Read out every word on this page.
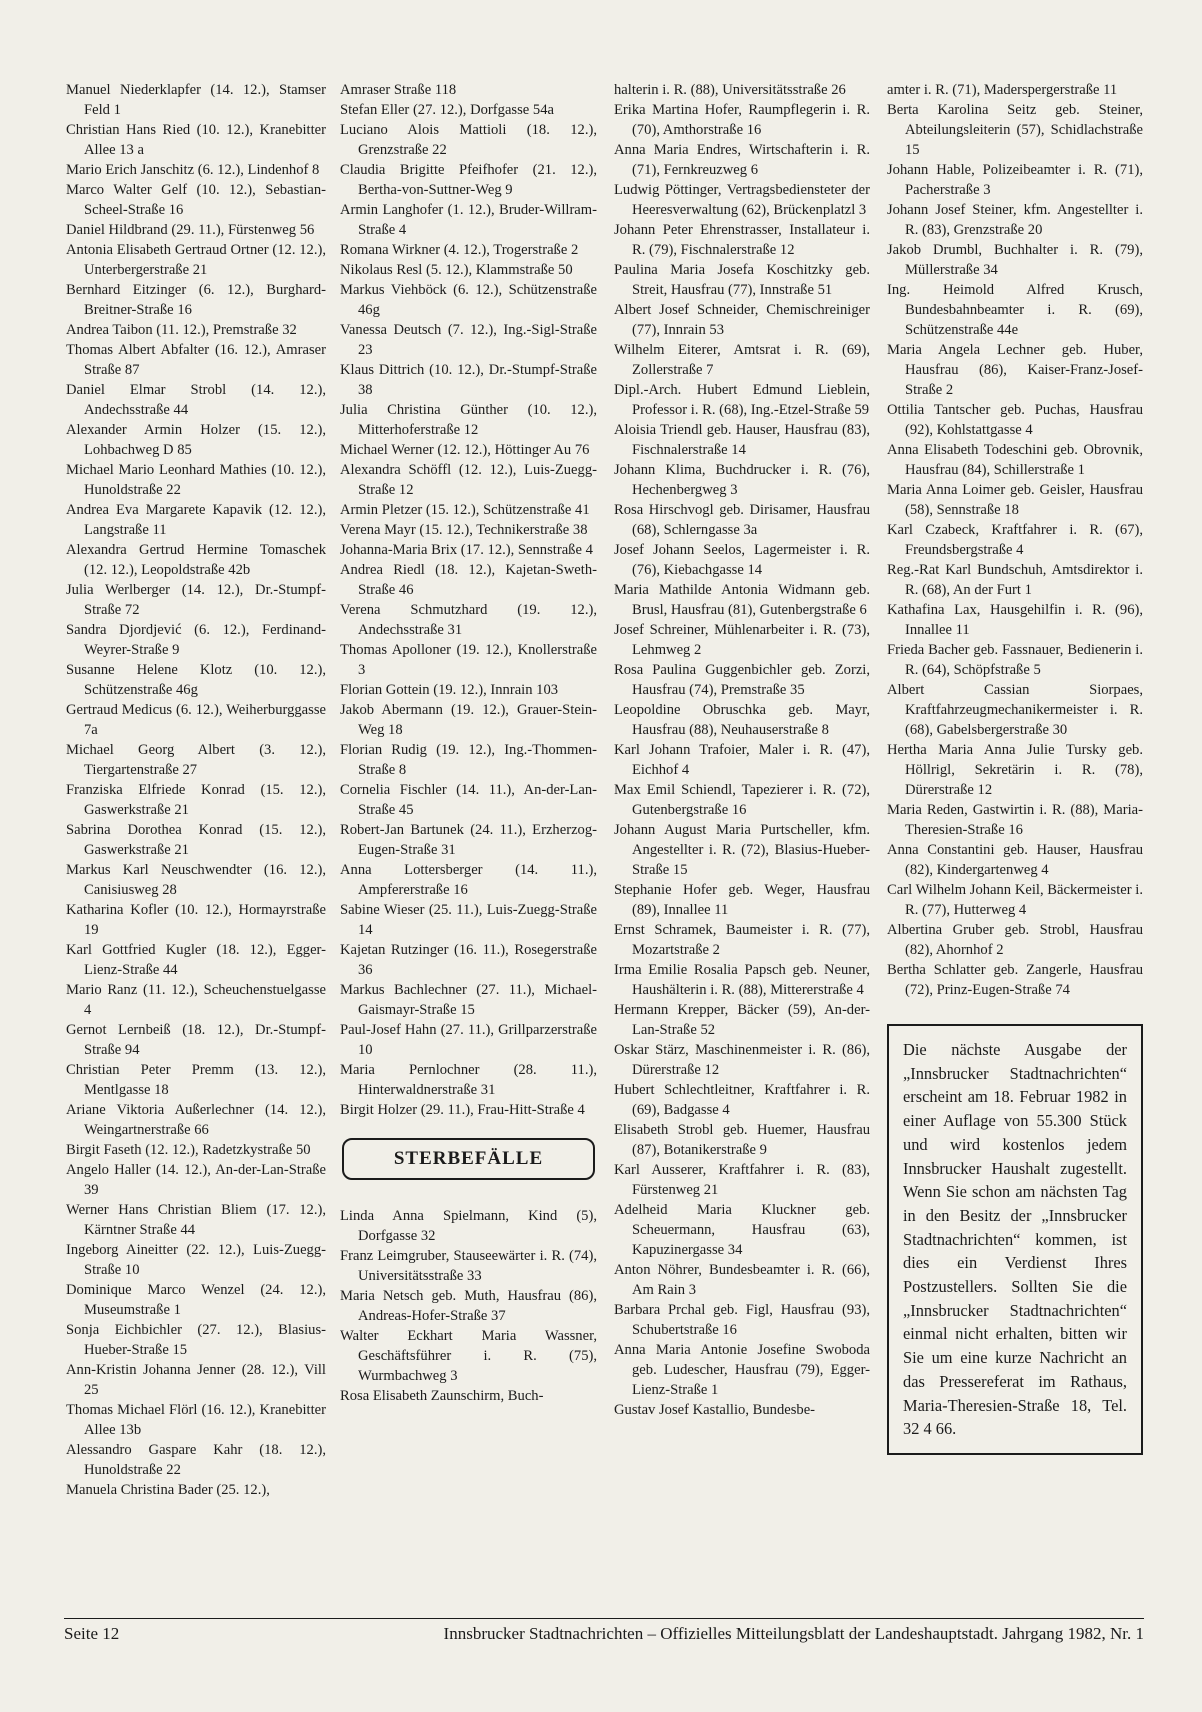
Manuel Niederklapfer (14. 12.), Stamser Feld 1

Christian Hans Ried (10. 12.), Kranebitter Allee 13 a

Mario Erich Janschitz (6. 12.), Lindenhof 8

Marco Walter Gelf (10. 12.), Sebastian-Scheel-Straße 16

Daniel Hildbrand (29. 11.), Fürstenweg 56

Antonia Elisabeth Gertraud Ortner (12. 12.), Unterbergerstraße 21

Bernhard Eitzinger (6. 12.), Burghard-Breitner-Straße 16

Andrea Taibon (11. 12.), Premstraße 32

Thomas Albert Abfalter (16. 12.), Amraser Straße 87

Daniel Elmar Strobl (14. 12.), Andechsstraße 44

Alexander Armin Holzer (15. 12.), Lohbachweg D 85

Michael Mario Leonhard Mathies (10. 12.), Hunoldstraße 22

Andrea Eva Margarete Kapavik (12. 12.), Langstraße 11

Alexandra Gertrud Hermine Tomaschek (12. 12.), Leopoldstraße 42b

Julia Werlberger (14. 12.), Dr.-Stumpf-Straße 72

Sandra Djordjević (6. 12.), Ferdinand-Weyrer-Straße 9

Susanne Helene Klotz (10. 12.), Schützenstraße 46g

Gertraud Medicus (6. 12.), Weiherburggasse 7a

Michael Georg Albert (3. 12.), Tiergartenstraße 27

Franziska Elfriede Konrad (15. 12.), Gaswerkstraße 21

Sabrina Dorothea Konrad (15. 12.), Gaswerkstraße 21

Markus Karl Neuschwendter (16. 12.), Canisiusweg 28

Katharina Kofler (10. 12.), Hormayrstraße 19

Karl Gottfried Kugler (18. 12.), Egger-Lienz-Straße 44

Mario Ranz (11. 12.), Scheuchenstuelgasse 4

Gernot Lernbeiß (18. 12.), Dr.-Stumpf-Straße 94

Christian Peter Premm (13. 12.), Mentlgasse 18

Ariane Viktoria Außerlechner (14. 12.), Weingartnerstraße 66

Birgit Faseth (12. 12.), Radetzkystraße 50

Angelo Haller (14. 12.), An-der-Lan-Straße 39

Werner Hans Christian Bliem (17. 12.), Kärntner Straße 44

Ingeborg Aineitter (22. 12.), Luis-Zuegg-Straße 10

Dominique Marco Wenzel (24. 12.), Museumstraße 1

Sonja Eichbichler (27. 12.), Blasius-Hueber-Straße 15

Ann-Kristin Johanna Jenner (28. 12.), Vill 25

Thomas Michael Flörl (16. 12.), Kranebitter Allee 13b

Alessandro Gaspare Kahr (18. 12.), Hunoldstraße 22

Manuela Christina Bader (25. 12.),

Amraser Straße 118

Stefan Eller (27. 12.), Dorfgasse 54a

Luciano Alois Mattioli (18. 12.), Grenzstraße 22

Claudia Brigitte Pfeifhofer (21. 12.), Bertha-von-Suttner-Weg 9

Armin Langhofer (1. 12.), Bruder-Willram-Straße 4

Romana Wirkner (4. 12.), Trogerstraße 2

Nikolaus Resl (5. 12.), Klammstraße 50

Markus Viehböck (6. 12.), Schützenstraße 46g

Vanessa Deutsch (7. 12.), Ing.-Sigl-Straße 23

Klaus Dittrich (10. 12.), Dr.-Stumpf-Straße 38

Julia Christina Günther (10. 12.), Mitterhoferstraße 12

Michael Werner (12. 12.), Höttinger Au 76

Alexandra Schöffl (12. 12.), Luis-Zuegg-Straße 12

Armin Pletzer (15. 12.), Schützenstraße 41

Verena Mayr (15. 12.), Technikerstraße 38

Johanna-Maria Brix (17. 12.), Sennstraße 4

Andrea Riedl (18. 12.), Kajetan-Sweth-Straße 46

Verena Schmutzhard (19. 12.), Andechsstraße 31

Thomas Apolloner (19. 12.), Knollerstraße 3

Florian Gottein (19. 12.), Innrain 103

Jakob Abermann (19. 12.), Grauer-Stein-Weg 18

Florian Rudig (19. 12.), Ing.-Thommen-Straße 8

Cornelia Fischler (14. 11.), An-der-Lan-Straße 45

Robert-Jan Bartunek (24. 11.), Erzherzog-Eugen-Straße 31

Anna Lottersberger (14. 11.), Ampfererstraße 16

Sabine Wieser (25. 11.), Luis-Zuegg-Straße 14

Kajetan Rutzinger (16. 11.), Rosegerstraße 36

Markus Bachlechner (27. 11.), Michael-Gaismayr-Straße 15

Paul-Josef Hahn (27. 11.), Grillparzerstraße 10

Maria Pernlochner (28. 11.), Hinterwaldnerstraße 31

Birgit Holzer (29. 11.), Frau-Hitt-Straße 4

STERBEFÄLLE

Linda Anna Spielmann, Kind (5), Dorfgasse 32

Franz Leimgruber, Stauseewärter i. R. (74), Universitätsstraße 33

Maria Netsch geb. Muth, Hausfrau (86), Andreas-Hofer-Straße 37

Walter Eckhart Maria Wassner, Geschäftsführer i. R. (75), Wurmbachweg 3

Rosa Elisabeth Zaunschirm, Buch-

halterin i. R. (88), Universitätsstraße 26

Erika Martina Hofer, Raumpflegerin i. R. (70), Amthorstraße 16

Anna Maria Endres, Wirtschafterin i. R. (71), Fernkreuzweg 6

Ludwig Pöttinger, Vertragsbediensteter der Heeresverwaltung (62), Brückenplatzl 3

Johann Peter Ehrenstrasser, Installateur i. R. (79), Fischnalerstraße 12

Paulina Maria Josefa Koschitzky geb. Streit, Hausfrau (77), Innstraße 51

Albert Josef Schneider, Chemischreiniger (77), Innrain 53

Wilhelm Eiterer, Amtsrat i. R. (69), Zollerstraße 7

Dipl.-Arch. Hubert Edmund Lieblein, Professor i. R. (68), Ing.-Etzel-Straße 59

Aloisia Triendl geb. Hauser, Hausfrau (83), Fischnalerstraße 14

Johann Klima, Buchdrucker i. R. (76), Hechenbergweg 3

Rosa Hirschvogl geb. Dirisamer, Hausfrau (68), Schlerngasse 3a

Josef Johann Seelos, Lagermeister i. R. (76), Kiebachgasse 14

Maria Mathilde Antonia Widmann geb. Brusl, Hausfrau (81), Gutenbergstraße 6

Josef Schreiner, Mühlenarbeiter i. R. (73), Lehmweg 2

Rosa Paulina Guggenbichler geb. Zorzi, Hausfrau (74), Premstraße 35

Leopoldine Obruschka geb. Mayr, Hausfrau (88), Neuhauserstraße 8

Karl Johann Trafoier, Maler i. R. (47), Eichhof 4

Max Emil Schiendl, Tapezierer i. R. (72), Gutenbergstraße 16

Johann August Maria Purtscheller, kfm. Angestellter i. R. (72), Blasius-Hueber-Straße 15

Stephanie Hofer geb. Weger, Hausfrau (89), Innallee 11

Ernst Schramek, Baumeister i. R. (77), Mozartstraße 2

Irma Emilie Rosalia Papsch geb. Neuner, Haushälterin i. R. (88), Mittererstraße 4

Hermann Krepper, Bäcker (59), An-der-Lan-Straße 52

Oskar Stärz, Maschinenmeister i. R. (86), Dürerstraße 12

Hubert Schlechtleitner, Kraftfahrer i. R. (69), Badgasse 4

Elisabeth Strobl geb. Huemer, Hausfrau (87), Botanikerstraße 9

Karl Ausserer, Kraftfahrer i. R. (83), Fürstenweg 21

Adelheid Maria Kluckner geb. Scheuermann, Hausfrau (63), Kapuzinergasse 34

Anton Nöhrer, Bundesbeamter i. R. (66), Am Rain 3

Barbara Prchal geb. Figl, Hausfrau (93), Schubertstraße 16

Anna Maria Antonie Josefine Swoboda geb. Ludescher, Hausfrau (79), Egger-Lienz-Straße 1

Gustav Josef Kastallio, Bundesbe-

amter i. R. (71), Maderspergerstraße 11

Berta Karolina Seitz geb. Steiner, Abteilungsleiterin (57), Schidlachstraße 15

Johann Hable, Polizeibeamter i. R. (71), Pacherstraße 3

Johann Josef Steiner, kfm. Angestellter i. R. (83), Grenzstraße 20

Jakob Drumbl, Buchhalter i. R. (79), Müllerstraße 34

Ing. Heimold Alfred Krusch, Bundesbahnbeamter i. R. (69), Schützenstraße 44e

Maria Angela Lechner geb. Huber, Hausfrau (86), Kaiser-Franz-Josef-Straße 2

Ottilia Tantscher geb. Puchas, Hausfrau (92), Kohlstattgasse 4

Anna Elisabeth Todeschini geb. Obrovnik, Hausfrau (84), Schillerstraße 1

Maria Anna Loimer geb. Geisler, Hausfrau (58), Sennstraße 18

Karl Czabeck, Kraftfahrer i. R. (67), Freundsbergstraße 4

Reg.-Rat Karl Bundschuh, Amtsdirektor i. R. (68), An der Furt 1

Kathafina Lax, Hausgehilfin i. R. (96), Innallee 11

Frieda Bacher geb. Fassnauer, Bedienerin i. R. (64), Schöpfstraße 5

Albert Cassian Siorpaes, Kraftfahrzeugmechanikermeister i. R. (68), Gabelsbergerstraße 30

Hertha Maria Anna Julie Tursky geb. Höllrigl, Sekretärin i. R. (78), Dürerstraße 12

Maria Reden, Gastwirtin i. R. (88), Maria-Theresien-Straße 16

Anna Constantini geb. Hauser, Hausfrau (82), Kindergartenweg 4

Carl Wilhelm Johann Keil, Bäckermeister i. R. (77), Hutterweg 4

Albertina Gruber geb. Strobl, Hausfrau (82), Ahornhof 2

Bertha Schlatter geb. Zangerle, Hausfrau (72), Prinz-Eugen-Straße 74

Die nächste Ausgabe der „Innsbrucker Stadtnachrichten“ erscheint am 18. Februar 1982 in einer Auflage von 55.300 Stück und wird kostenlos jedem Innsbrucker Haushalt zugestellt. Wenn Sie schon am nächsten Tag in den Besitz der „Innsbrucker Stadtnachrichten“ kommen, ist dies ein Verdienst Ihres Postzustellers. Sollten Sie die „Innsbrucker Stadtnachrichten“ einmal nicht erhalten, bitten wir Sie um eine kurze Nachricht an das Pressereferat im Rathaus, Maria-Theresien-Straße 18, Tel. 32 4 66.
Seite 12	Innsbrucker Stadtnachrichten – Offizielles Mitteilungsblatt der Landeshauptstadt. Jahrgang 1982, Nr. 1
